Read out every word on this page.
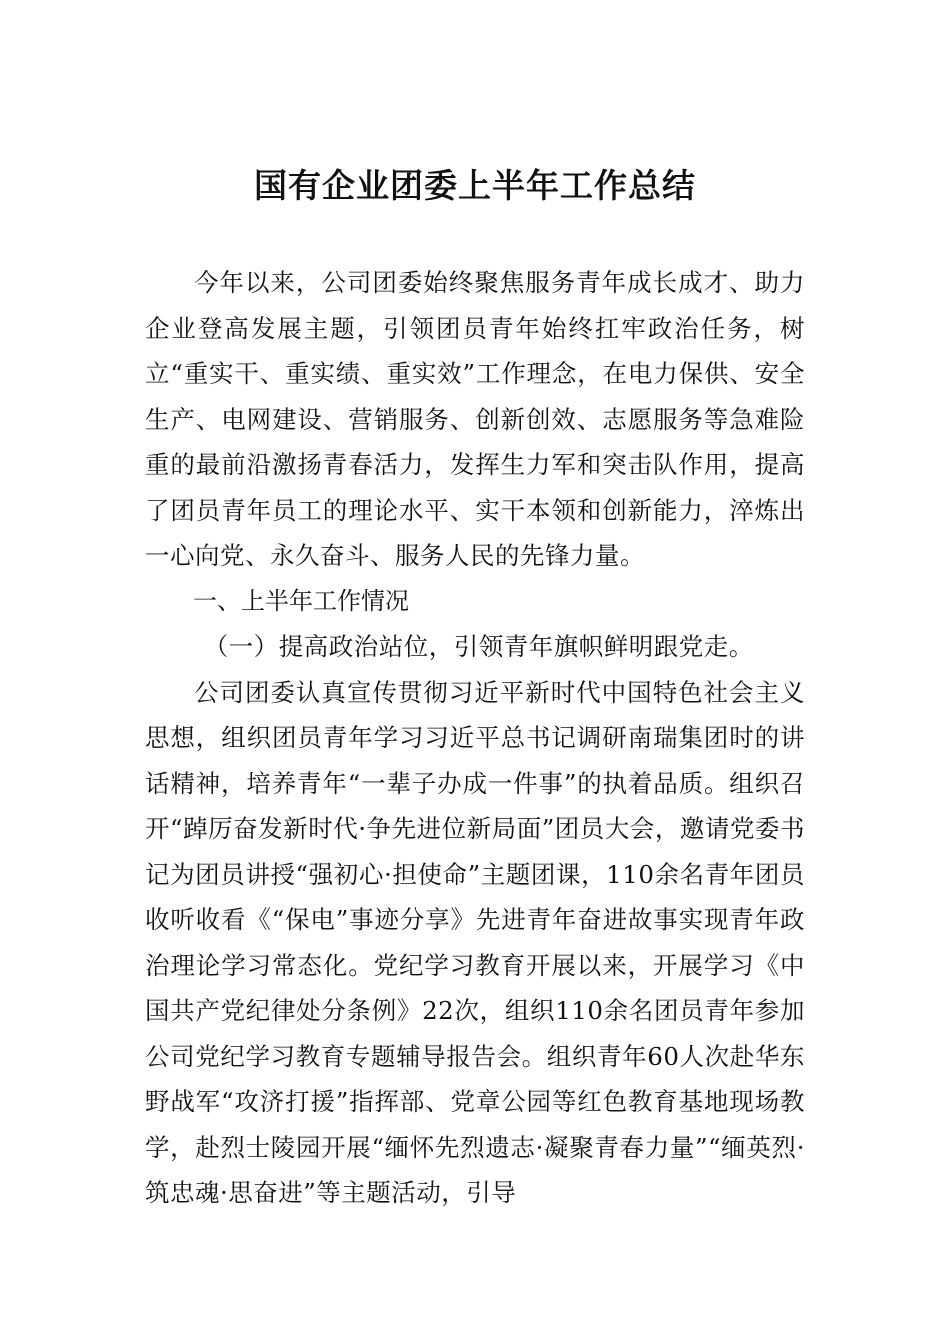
国有企业团委上半年工作总结

今年以来，公司团委始终聚焦服务青年成长成才、助力企业登高发展主题，引领团员青年始终扛牢政治任务，树立“重实干、重实绩、重实效”工作理念，在电力保供、安全生产、电网建设、营销服务、创新创效、志愿服务等急难险重的最前沿激扬青春活力，发挥生力军和突击队作用，提高了团员青年员工的理论水平、实干本领和创新能力，淬炼出一心向党、永久奋斗、服务人民的先锋力量。

一、上半年工作情况

（一）提高政治站位，引领青年旗帜鲜明跟党走。

公司团委认真宣传贯彻习近平新时代中国特色社会主义思想，组织团员青年学习习近平总书记调研南瑞集团时的讲话精神，培养青年“一辈子办成一件事”的执着品质。组织召开“踔厉奋发新时代·争先进位新局面”团员大会，邀请党委书记为团员讲授“强初心·担使命”主题团课，110余名青年团员收听收看《“保电”事迹分享》先进青年奋进故事实现青年政治理论学习常态化。党纪学习教育开展以来，开展学习《中国共产党纪律处分条例》22次，组织110余名团员青年参加公司党纪学习教育专题辅导报告会。组织青年60人次赴华东野战军“攻济打援”指挥部、党章公园等红色教育基地现场教学，赴烈士陵园开展“缅怀先烈遗志·凝聚青春力量”“缅英烈·筑忠魂·思奋进”等主题活动，引导
